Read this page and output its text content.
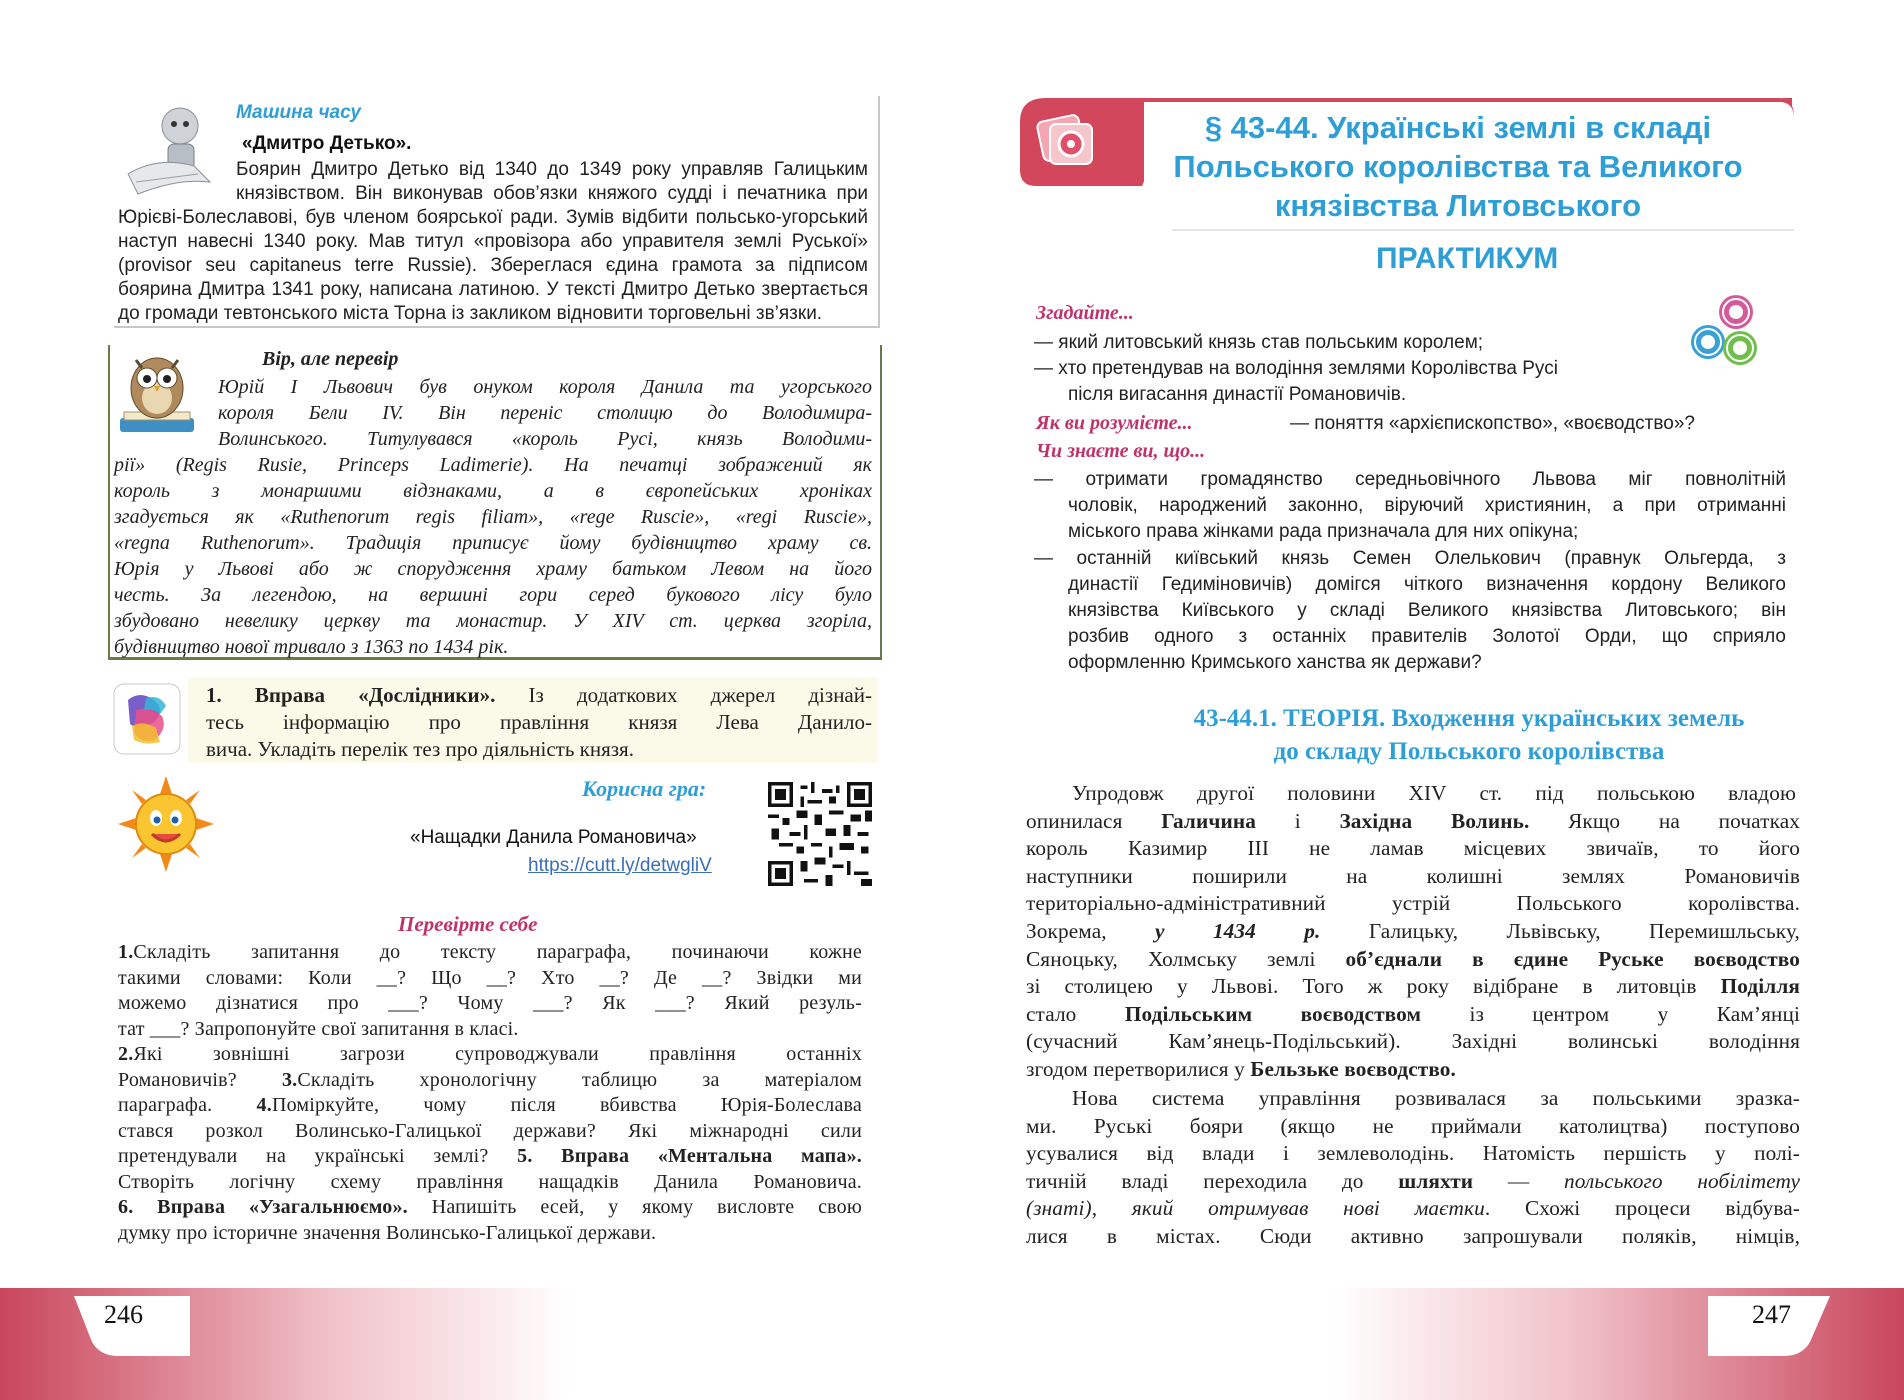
Машина часу
«Дмитро Детько».
Боярин Дмитро Детько від 1340 до 1349 року управляв Галицьким
князівством. Він виконував обов’язки княжого судді і печатника при
Юрієві-Болеславові, був членом боярської ради. Зумів відбити польсько-угорський
наступ навесні 1340 року. Мав титул «провізора або управителя землі Руської»
(provisor seu capitaneus terre Russie). Збереглася єдина грамота за підписом
боярина Дмитра 1341 року, написана латиною. У тексті Дмитро Детько звертається
до громади тевтонського міста Торна із закликом відновити торговельні зв’язки.
Вір, але перевір
Юрій І Львович був онуком короля Данила та угорського
короля Бели IV. Він переніс столицю до Володимира-
Волинського. Титулувався «король Русі, князь Володими-
рії» (Regis Rusie, Princeps Ladimerie). На печатці зображений як
король з монаршими відзнаками, а в європейських хроніках
згадується як «Ruthenorum regis filiam», «rege Ruscie», «regi Ruscie»,
«regna Ruthenorum». Традиція приписує йому будівництво храму св.
Юрія у Львові або ж спорудження храму батьком Левом на його
честь. За легендою, на вершині гори серед букового лісу було
збудовано невелику церкву та монастир. У XIV ст. церква згоріла,
будівництво нової тривало з 1363 по 1434 рік.
1. Вправа «Дослідники». Із додаткових джерел дізнай-
тесь інформацію про правління князя Лева Данило-
вича. Укладіть перелік тез про діяльність князя.
Корисна гра:
«Нащадки Данила Романовича»
https://cutt.ly/detwgliV
Перевірте себе
1.Складіть запитання до тексту параграфа, починаючи кожне
такими словами: Коли __? Що __? Хто __? Де __? Звідки ми
можемо дізнатися про ___? Чому ___? Як ___? Який резуль-
тат ___? Запропонуйте свої запитання в класі.
2.Які зовнішні загрози супроводжували правління останніх
Романовичів? 3.Складіть хронологічну таблицю за матеріалом
параграфа. 4.Поміркуйте, чому після вбивства Юрія-Болеслава
стався розкол Волинсько-Галицької держави? Які міжнародні сили
претендували на українські землі? 5. Вправа «Ментальна мапа».
Створіть логічну схему правління нащадків Данила Романовича.
6. Вправа «Узагальнюємо». Напишіть есей, у якому висловте свою
думку про історичне значення Волинсько-Галицької держави.
246
§ 43-44. Українські землі в складі
Польського королівства та Великого
князівства Литовського
ПРАКТИКУМ
Згадайте...
— який литовський князь став польським королем;
— хто претендував на володіння землями Королівства Русі
після вигасання династії Романовичів.
Як ви розумієте...	— поняття «архієпископство», «воєводство»?
Чи знаєте ви, що...
— отримати громадянство середньовічного Львова міг повнолітній
чоловік, народжений законно, віруючий християнин, а при отриманні
міського права жінками рада призначала для них опікуна;
— останній київський князь Семен Олелькович (правнук Ольгерда, з
династії Гедиміновичів) домігся чіткого визначення кордону Великого
князівства Київського у складі Великого князівства Литовського; він
розбив одного з останніх правителів Золотої Орди, що сприяло
оформленню Кримського ханства як держави?
43-44.1. ТЕОРІЯ. Входження українських земель
до складу Польського королівства
Упродовж другої половини XIV ст. під польською владою
опинилася Галичина і Західна Волинь. Якщо на початках
король Казимир III не ламав місцевих звичаїв, то його
наступники поширили на колишні землях Романовичів
територіально-адміністративний устрій Польського королівства.
Зокрема, у 1434 р. Галицьку, Львівську, Перемишльську,
Сяноцьку, Холмську землі об’єднали в єдине Руське воєводство
зі столицею у Львові. Того ж року відібране в литовців Поділля
стало Подільським воєводством із центром у Кам’янці
(сучасний Кам’янець-Подільський). Західні волинські володіння
згодом перетворилися у Бельзьке воєводство.
Нова система управління розвивалася за польськими зразка-
ми. Руські бояри (якщо не приймали католицтва) поступово
усувалися від влади і землеволодінь. Натомість першість у полі-
тичній владі переходила до шляхти — польського нобілітету
(знаті), який отримував нові маєтки. Схожі процеси відбува-
лися в містах. Сюди активно запрошували поляків, німців,
247
